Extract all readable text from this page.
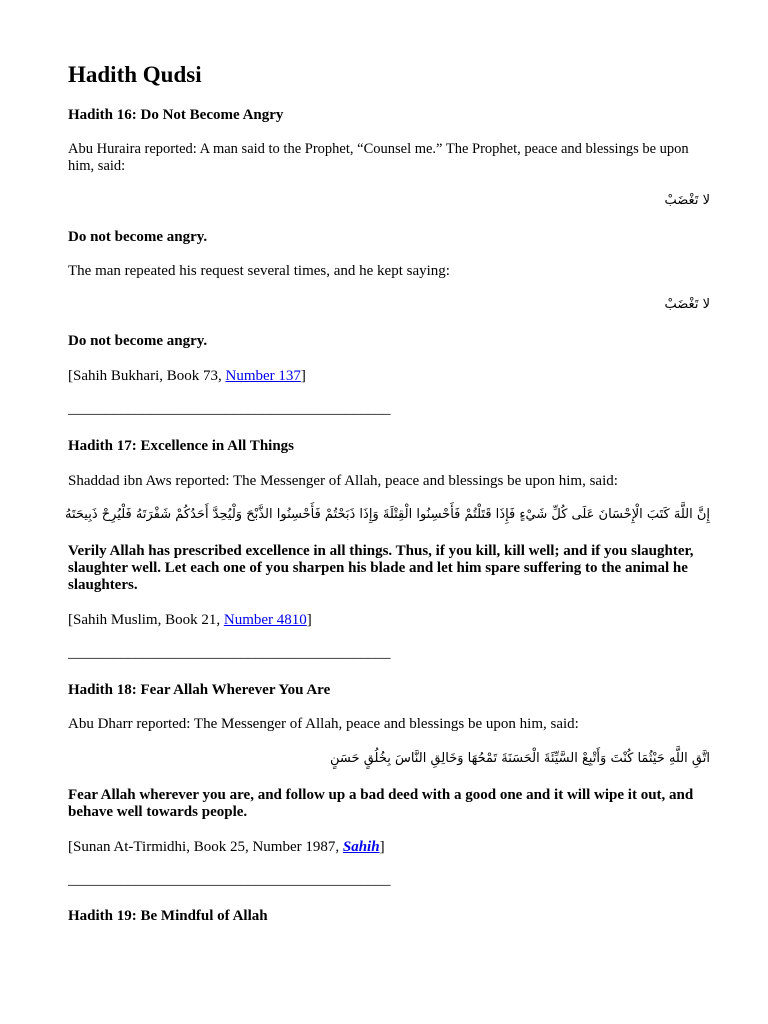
Hadith Qudsi
Hadith 16: Do Not Become Angry

Abu Huraira reported: A man said to the Prophet, “Counsel me.” The Prophet, peace and blessings be upon him, said:

لا تَغْضَبْ

Do not become angry.

The man repeated his request several times, and he kept saying:

لا تَغْضَبْ

Do not become angry.

[Sahih Bukhari, Book 73, Number 137]

___________________________________________

Hadith 17: Excellence in All Things

Shaddad ibn Aws reported: The Messenger of Allah, peace and blessings be upon him, said:

إِنَّ اللَّهَ كَتَبَ الْإِحْسَانَ عَلَى كُلِّ شَيْءٍ فَإِذَا قَتَلْتُمْ فَأَحْسِنُوا الْقِتْلَةَ وَإِذَا ذَبَحْتُمْ فَأَحْسِنُوا الذَّبْحَ وَلْيُحِدَّ أَحَدُكُمْ شَفْرَتَهُ فَلْيُرِحْ ذَبِيحَتَهُ

Verily Allah has prescribed excellence in all things. Thus, if you kill, kill well; and if you slaughter, slaughter well. Let each one of you sharpen his blade and let him spare suffering to the animal he slaughters.

[Sahih Muslim, Book 21, Number 4810]

___________________________________________

Hadith 18: Fear Allah Wherever You Are

Abu Dharr reported: The Messenger of Allah, peace and blessings be upon him, said:

اتَّقِ اللَّهِ حَيْثُمَا كُنْتَ وَأَتْبِعْ السَّيِّئَةَ الْحَسَنَةَ تَمْحُهَا وَخَالِقِ النَّاسَ بِخُلُقٍ حَسَنٍ

Fear Allah wherever you are, and follow up a bad deed with a good one and it will wipe it out, and behave well towards people.

[Sunan At-Tirmidhi, Book 25, Number 1987, Sahih]

___________________________________________

Hadith 19: Be Mindful of Allah
